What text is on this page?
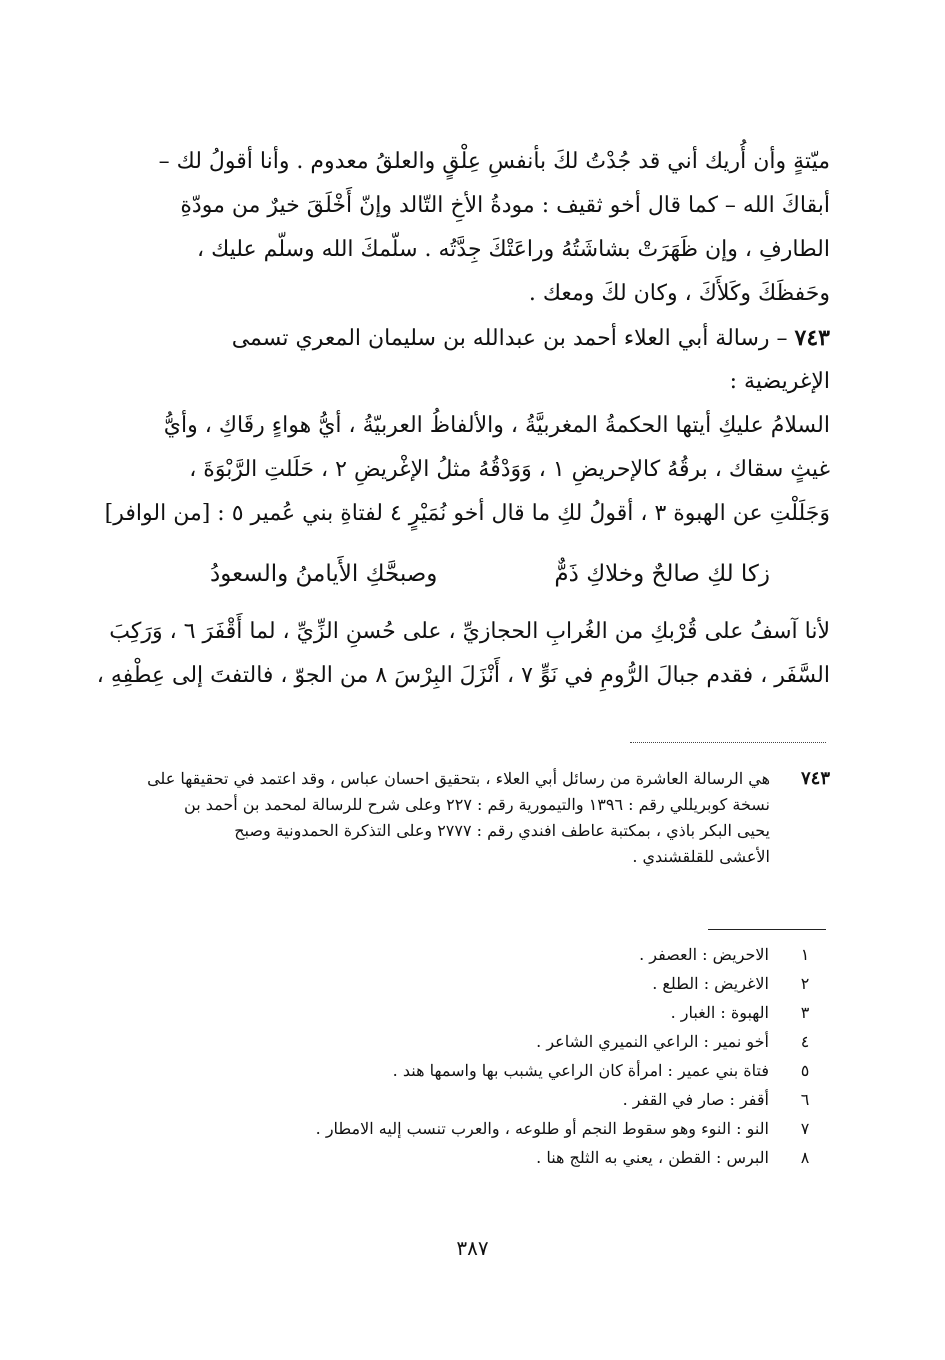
ميّتةٍ وأن أُريك أني قد جُدْتُ لكَ بأنفسِ عِلْقٍ والعلقُ معدوم . وأنا أقولُ لك –
أبقاكَ الله – كما قال أخو ثقيف : مودةُ الأخِ التّالد وإنّ أَخْلَقَ خيرٌ من مودّةِ
الطارفِ ، وإن ظَهَرَتْ بشاشَتُهُ وراعَتْكَ جِدَّتُه . سلّمكَ الله وسلّم عليك ،
وحَفظَكَ وكَلأَكَ ، وكان لكَ ومعك .
٧٤٣ – رسالة أبي العلاء أحمد بن عبدالله بن سليمان المعري تسمى
الإغريضية :
السلامُ عليكِ أيتها الحكمةُ المغربيَّةُ ، والألفاظُ العربيّةُ ، أيُّ هواءٍ رقَاكِ ، وأيُّ
غيثٍ سقاك ، برقُهُ كالإحريضِ ١ ، وَوَدْقُهُ مثلُ الإغْريضِ ٢ ، حَلَلتِ الرَّبْوَةَ ،
وَجَلَلْتِ عن الهبوة ٣ ، أقولُ لكِ ما قال أخو نُمَيْرٍ ٤ لفتاةِ بني عُمير ٥ : [من الوافر]
زكا لكِ صالحٌ وخلاكِ ذَمٌّ
وصبحَّكِ الأَيامنُ والسعودُ
لأنا آسفُ على قُرْبكِ من الغُرابِ الحجازيِّ ، على حُسنِ الزِّيِّ ، لما أَقْفَرَ ٦ ، وَرَكِبَ
السَّفَر ، فقدم جبالَ الرُّومِ في نَوٍّ ٧ ، أَنْزَلَ البِرْسَ ٨ من الجوّ ، فالتفتَ إلى عِطْفِهِ ،
٧٤٣
هي الرسالة العاشرة من رسائل أبي العلاء ، بتحقيق احسان عباس ، وقد اعتمد في تحقيقها على
نسخة كوبريللي رقم : ١٣٩٦ والتيمورية رقم : ٢٢٧ وعلى شرح للرسالة لمحمد بن أحمد بن
يحيى البكر باذي ، بمكتبة عاطف افندي رقم : ٢٧٧٧ وعلى التذكرة الحمدونية وصبح
الأعشى للقلقشندي .
١
الاحريض : العصفر .
٢
الاغريض : الطلع .
٣
الهبوة : الغبار .
٤
أخو نمير : الراعي النميري الشاعر .
٥
فتاة بني عمير : امرأة كان الراعي يشبب بها واسمها هند .
٦
أقفر : صار في القفر .
٧
النو : النوء وهو سقوط النجم أو طلوعه ، والعرب تنسب إليه الامطار .
٨
البرس : القطن ، يعني به الثلج هنا .
٣٨٧
